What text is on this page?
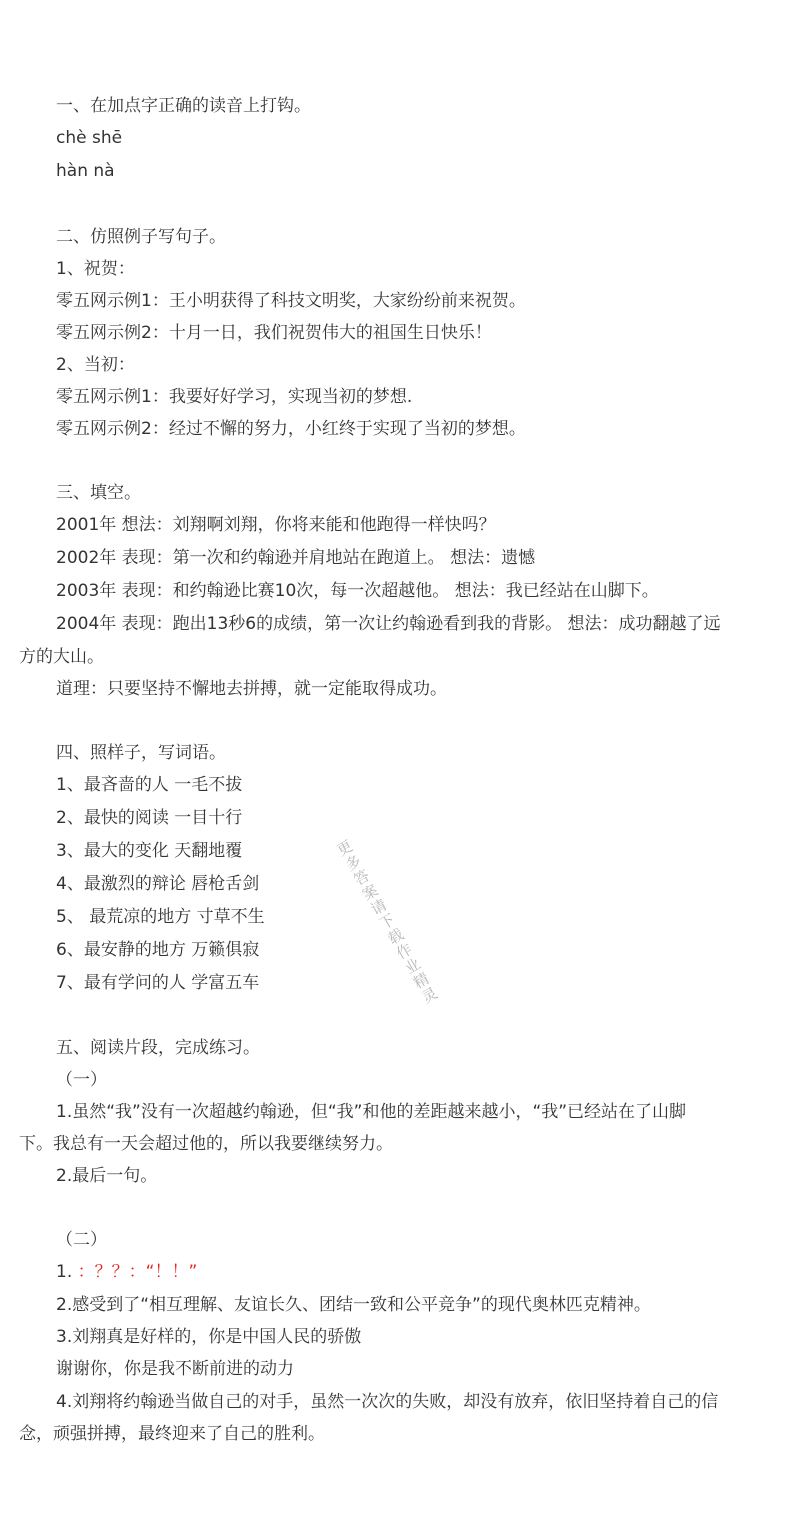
一、在加点字正确的读音上打钩。
chè shē
hàn nà
二、仿照例子写句子。
1、祝贺：
零五网示例1：王小明获得了科技文明奖，大家纷纷前来祝贺。
零五网示例2：十月一日，我们祝贺伟大的祖国生日快乐！
2、当初：
零五网示例1：我要好好学习，实现当初的梦想.
零五网示例2：经过不懈的努力，小红终于实现了当初的梦想。
三、填空。
2001年 想法：刘翔啊刘翔，你将来能和他跑得一样快吗？
2002年 表现：第一次和约翰逊并肩地站在跑道上。 想法：遗憾
2003年 表现：和约翰逊比赛10次，每一次超越他。 想法：我已经站在山脚下。
2004年 表现：跑出13秒6的成绩，第一次让约翰逊看到我的背影。 想法：成功翻越了远
方的大山。
道理：只要坚持不懈地去拼搏，就一定能取得成功。
四、照样子，写词语。
1、最吝啬的人 一毛不拔
2、最快的阅读 一目十行
3、最大的变化 天翻地覆
4、最激烈的辩论 唇枪舌剑
5、 最荒凉的地方 寸草不生
6、最安静的地方 万籁俱寂
7、最有学问的人 学富五车
五、阅读片段，完成练习。
（一）
1.虽然“我”没有一次超越约翰逊，但“我”和他的差距越来越小，“我”已经站在了山脚
下。我总有一天会超过他的，所以我要继续努力。
2.最后一句。
（二）
1. ：？？：“！！”
2.感受到了“相互理解、友谊长久、团结一致和公平竞争”的现代奥林匹克精神。
3.刘翔真是好样的，你是中国人民的骄傲
谢谢你，你是我不断前进的动力
4.刘翔将约翰逊当做自己的对手，虽然一次次的失败，却没有放弃，依旧坚持着自己的信
念，顽强拼搏，最终迎来了自己的胜利。
更多答案请下载作业精灵
